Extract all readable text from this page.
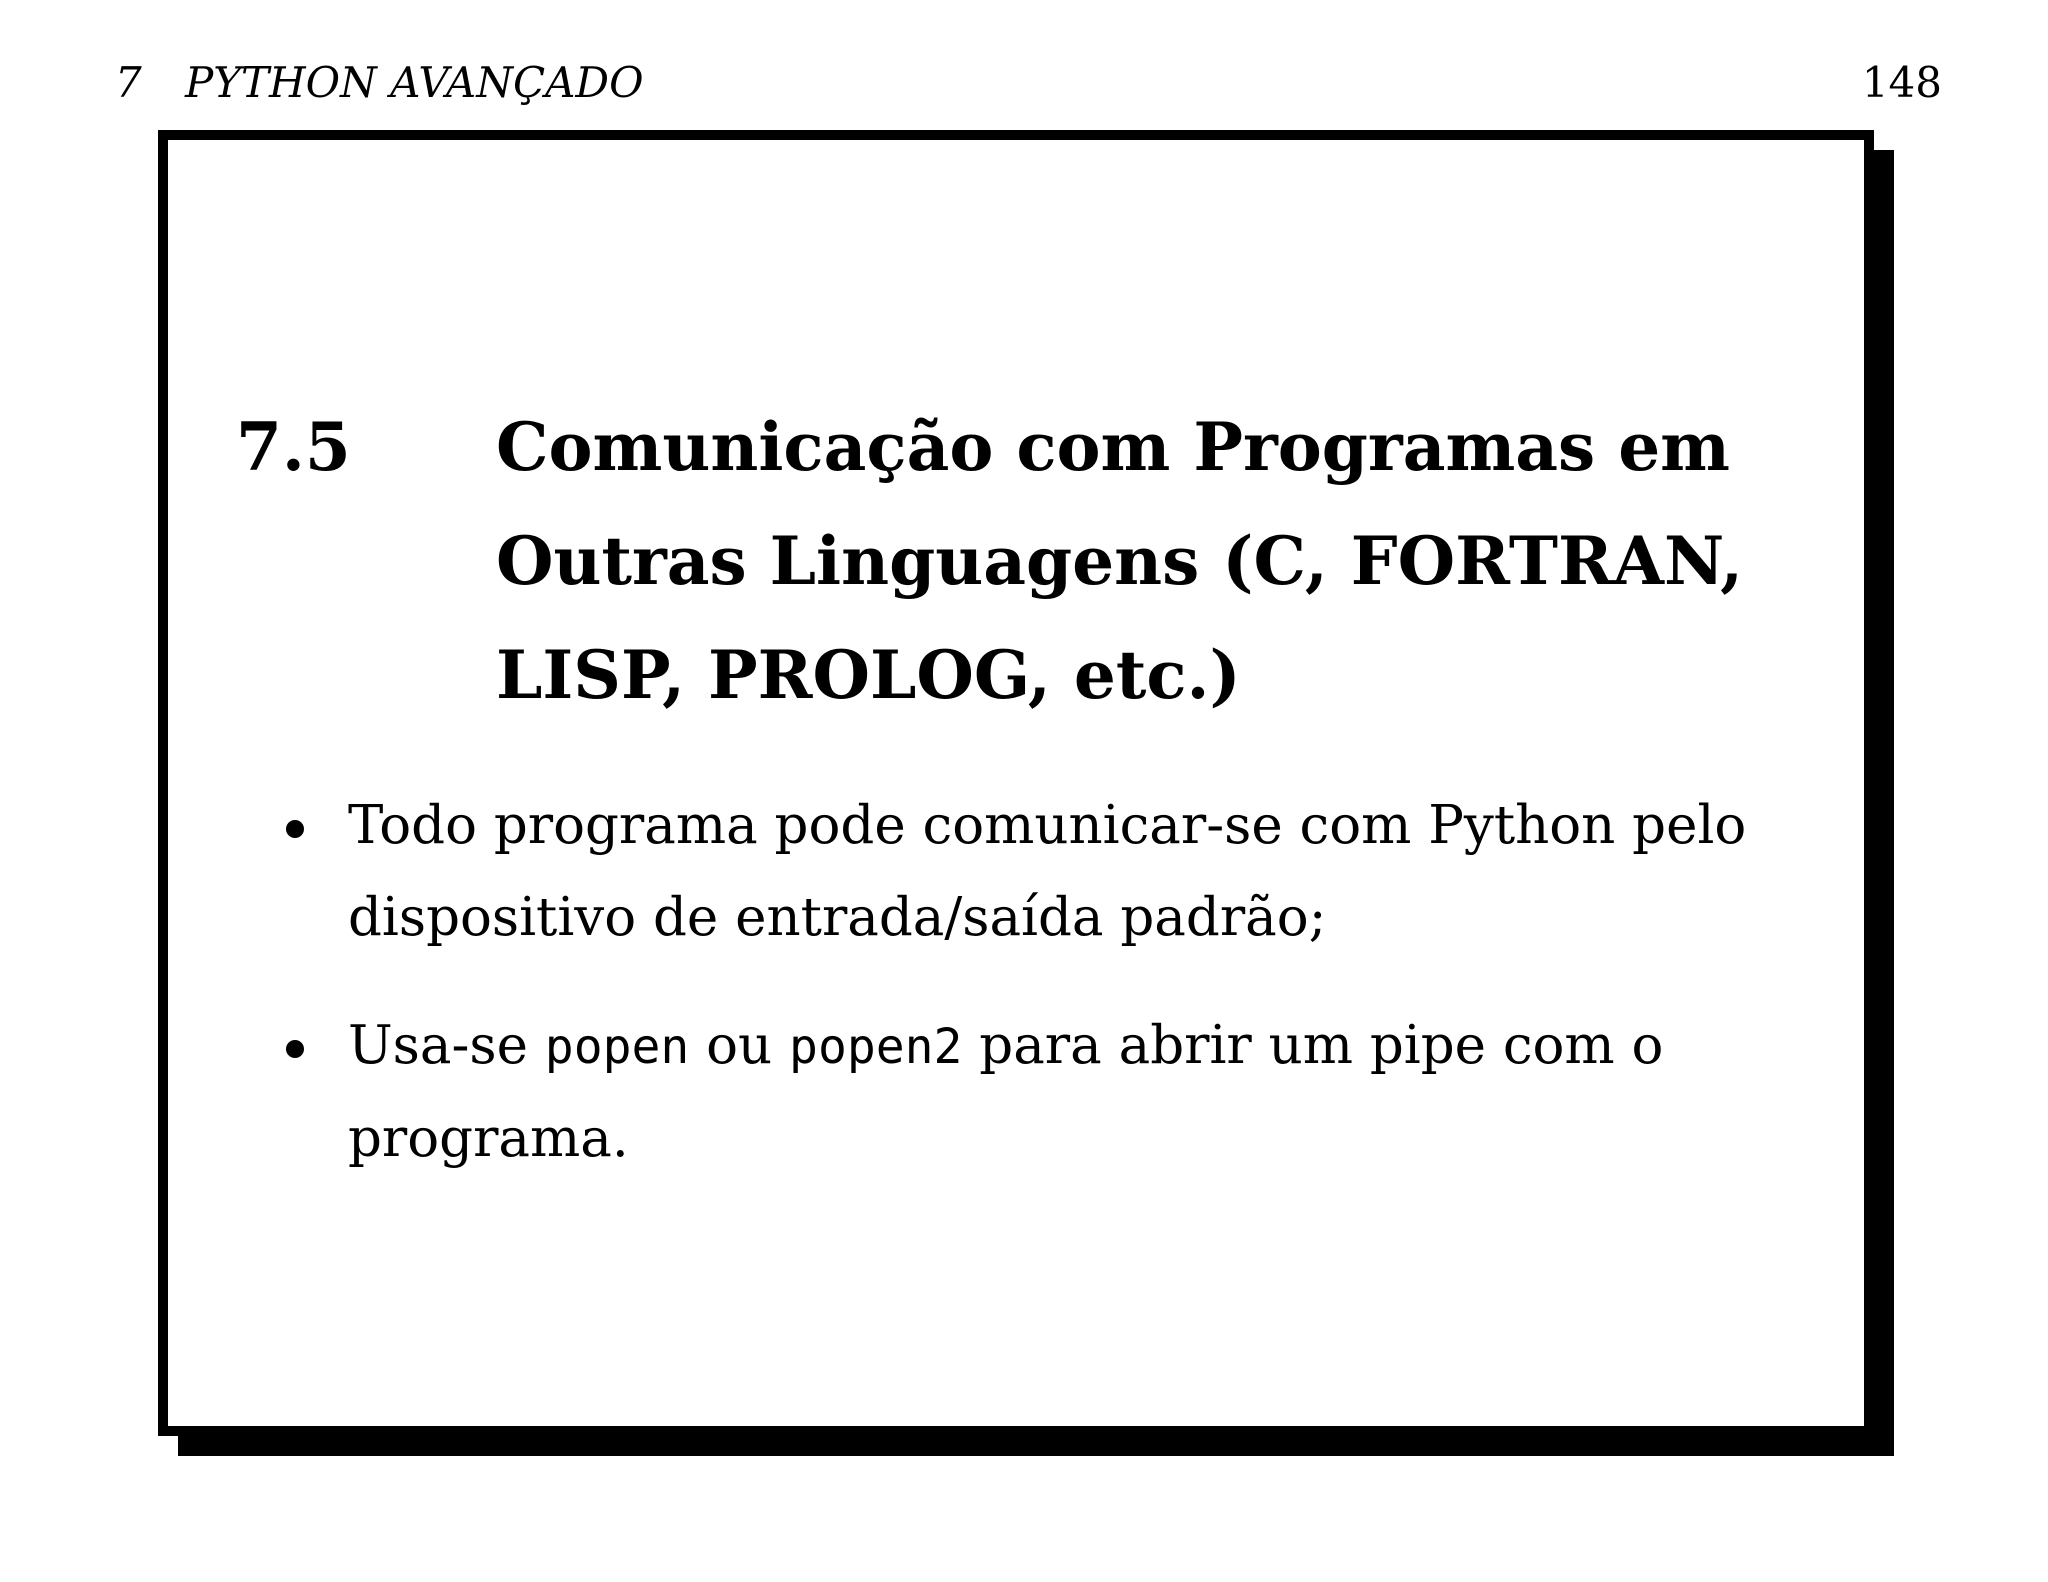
7 PYTHON AVANÇADO	148
7.5 Comunicação com Programas em
Outras Linguagens (C, FORTRAN,
LISP, PROLOG, etc.)
Todo programa pode comunicar-se com Python pelo
dispositivo de entrada/saída padrão;
Usa-se popen ou popen2 para abrir um pipe com o
programa.
